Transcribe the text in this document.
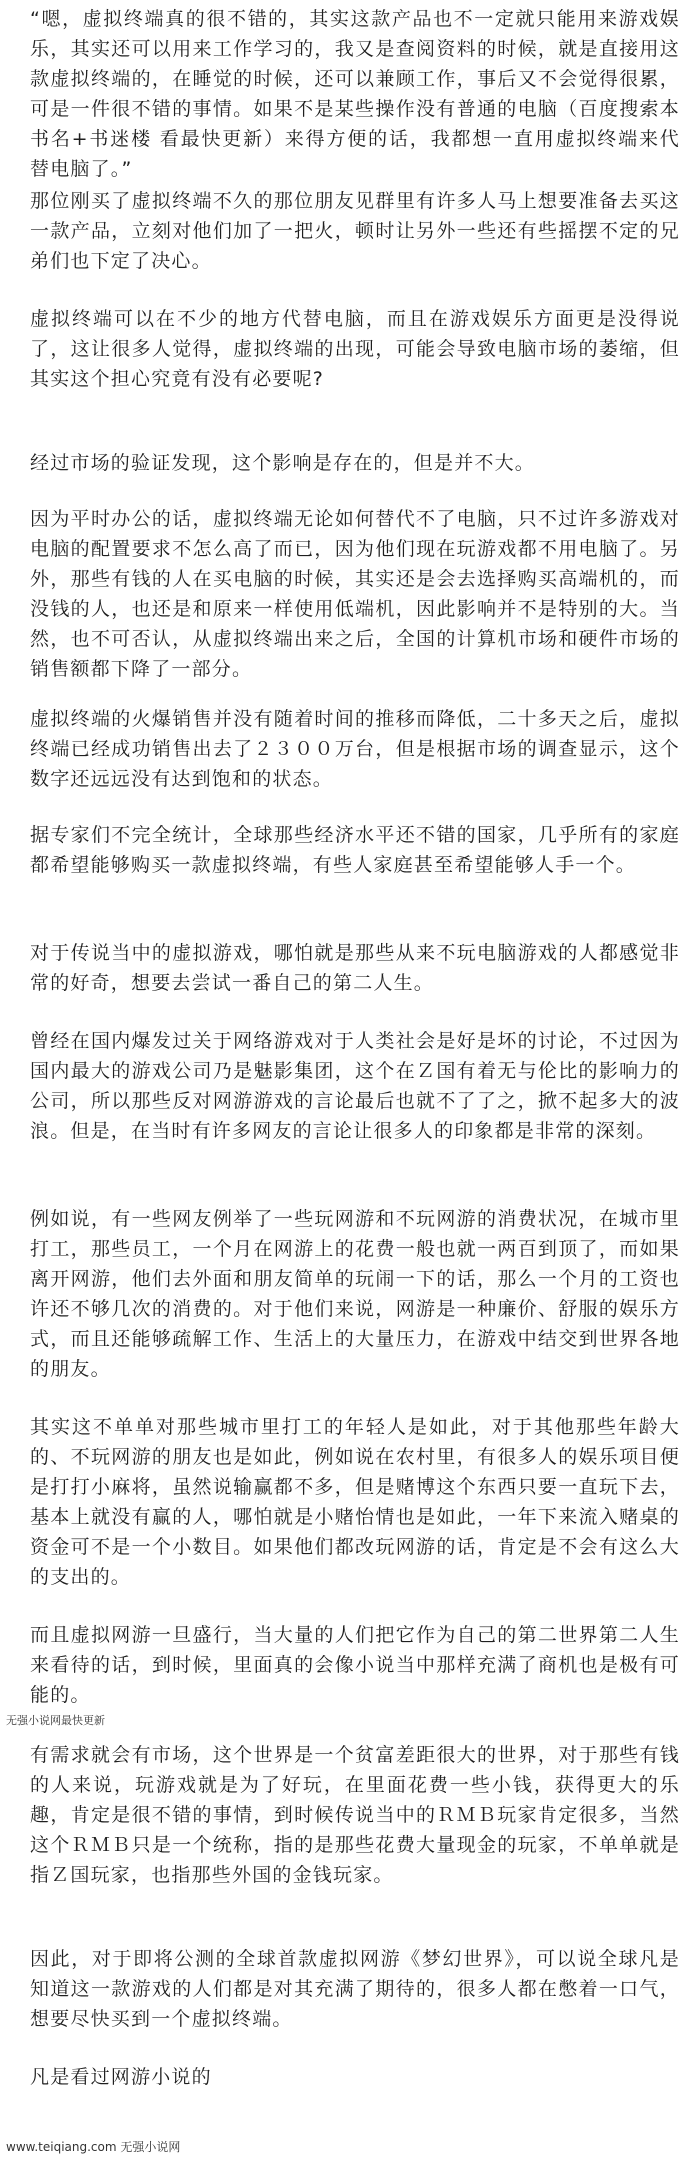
“嗯，虚拟终端真的很不错的，其实这款产品也不一定就只能用来游戏娱乐，其实还可以用来工作学习的，我又是查阅资料的时候，就是直接用这款虚拟终端的，在睡觉的时候，还可以兼顾工作，事后又不会觉得很累，可是一件很不错的事情。如果不是某些操作没有普通的电脑（百度搜索本书名+书迷楼 看最快更新）来得方便的话，我都想一直用虚拟终端来代替电脑了。”

那位刚买了虚拟终端不久的那位朋友见群里有许多人马上想要准备去买这一款产品，立刻对他们加了一把火，顿时让另外一些还有些摇摆不定的兄弟们也下定了决心。

虚拟终端可以在不少的地方代替电脑，而且在游戏娱乐方面更是没得说了，这让很多人觉得，虚拟终端的出现，可能会导致电脑市场的萎缩，但其实这个担心究竟有没有必要呢?

经过市场的验证发现，这个影响是存在的，但是并不大。

因为平时办公的话，虚拟终端无论如何替代不了电脑，只不过许多游戏对电脑的配置要求不怎么高了而已，因为他们现在玩游戏都不用电脑了。另外，那些有钱的人在买电脑的时候，其实还是会去选择购买高端机的，而没钱的人，也还是和原来一样使用低端机，因此影响并不是特别的大。当然，也不可否认，从虚拟终端出来之后，全国的计算机市场和硬件市场的销售额都下降了一部分。

虚拟终端的火爆销售并没有随着时间的推移而降低，二十多天之后，虚拟终端已经成功销售出去了２３００万台，但是根据市场的调查显示，这个数字还远远没有达到饱和的状态。

据专家们不完全统计，全球那些经济水平还不错的国家，几乎所有的家庭都希望能够购买一款虚拟终端，有些人家庭甚至希望能够人手一个。

对于传说当中的虚拟游戏，哪怕就是那些从来不玩电脑游戏的人都感觉非常的好奇，想要去尝试一番自己的第二人生。

曾经在国内爆发过关于网络游戏对于人类社会是好是坏的讨论，不过因为国内最大的游戏公司乃是魅影集团，这个在Ｚ国有着无与伦比的影响力的公司，所以那些反对网游游戏的言论最后也就不了了之，掀不起多大的波浪。但是，在当时有许多网友的言论让很多人的印象都是非常的深刻。

例如说，有一些网友例举了一些玩网游和不玩网游的消费状况，在城市里打工，那些员工，一个月在网游上的花费一般也就一两百到顶了，而如果离开网游，他们去外面和朋友简单的玩闹一下的话，那么一个月的工资也许还不够几次的消费的。对于他们来说，网游是一种廉价、舒服的娱乐方式，而且还能够疏解工作、生活上的大量压力，在游戏中结交到世界各地的朋友。

其实这不单单对那些城市里打工的年轻人是如此，对于其他那些年龄大的、不玩网游的朋友也是如此，例如说在农村里，有很多人的娱乐项目便是打打小麻将，虽然说输赢都不多，但是赌博这个东西只要一直玩下去，基本上就没有赢的人，哪怕就是小赌怡情也是如此，一年下来流入赌桌的资金可不是一个小数目。如果他们都改玩网游的话，肯定是不会有这么大的支出的。

而且虚拟网游一旦盛行，当大量的人们把它作为自己的第二世界第二人生来看待的话，到时候，里面真的会像小说当中那样充满了商机也是极有可能的。

无强小说网最快更新

有需求就会有市场，这个世界是一个贫富差距很大的世界，对于那些有钱的人来说，玩游戏就是为了好玩，在里面花费一些小钱，获得更大的乐趣，肯定是很不错的事情，到时候传说当中的ＲＭＢ玩家肯定很多，当然这个ＲＭＢ只是一个统称，指的是那些花费大量现金的玩家，不单单就是指Ｚ国玩家，也指那些外国的金钱玩家。

因此，对于即将公测的全球首款虚拟网游《梦幻世界》，可以说全球凡是知道这一款游戏的人们都是对其充满了期待的，很多人都在憋着一口气，想要尽快买到一个虚拟终端。

凡是看过网游小说的

www.teiqiang.com 无强小说网
